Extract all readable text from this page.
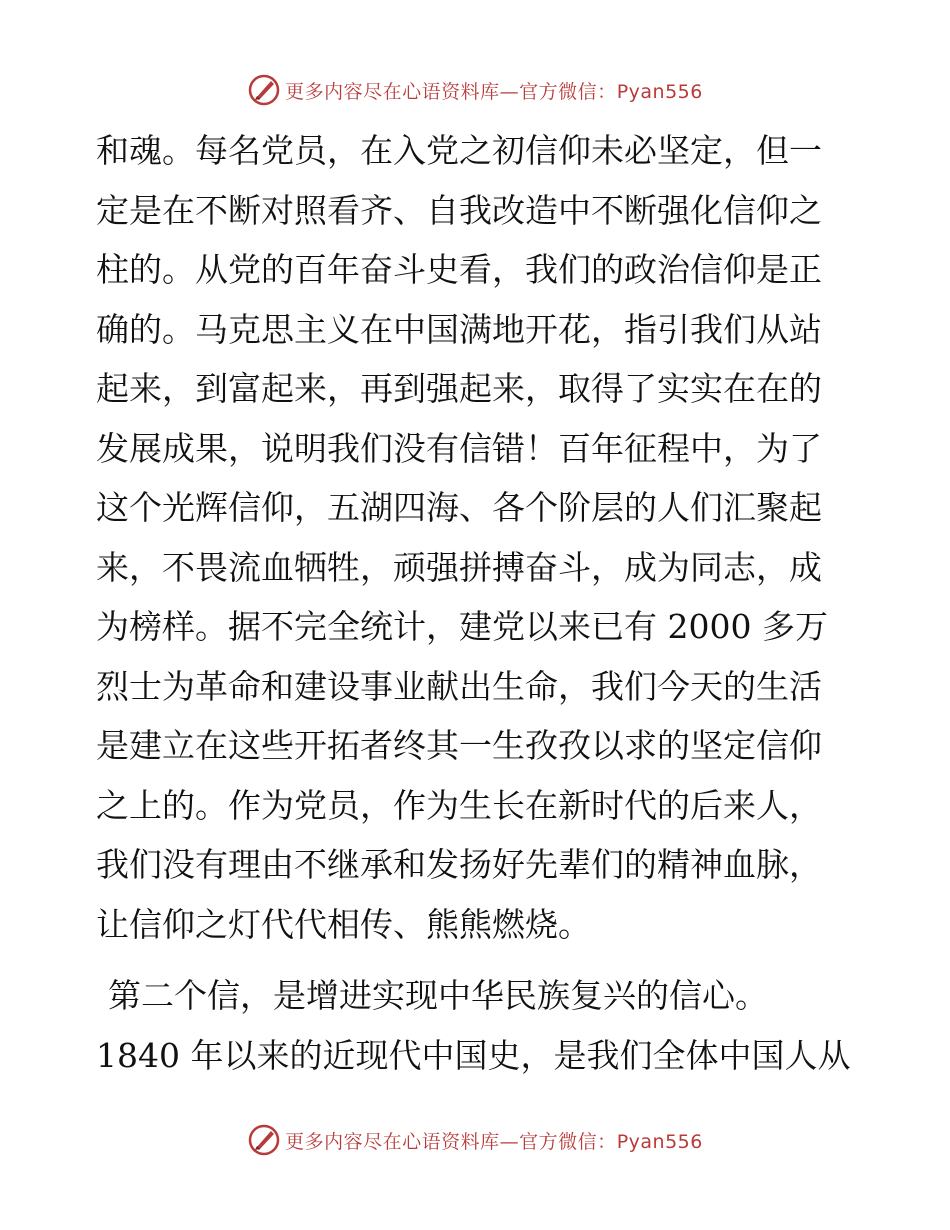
更多内容尽在心语资料库—官方微信：Pyan556
和魂。每名党员，在入党之初信仰未必坚定，但一
定是在不断对照看齐、自我改造中不断强化信仰之
柱的。从党的百年奋斗史看，我们的政治信仰是正
确的。马克思主义在中国满地开花，指引我们从站
起来，到富起来，再到强起来，取得了实实在在的
发展成果，说明我们没有信错！百年征程中，为了
这个光辉信仰，五湖四海、各个阶层的人们汇聚起
来，不畏流血牺牲，顽强拼搏奋斗，成为同志，成
为榜样。据不完全统计，建党以来已有 2000 多万
烈士为革命和建设事业献出生命，我们今天的生活
是建立在这些开拓者终其一生孜孜以求的坚定信仰
之上的。作为党员，作为生长在新时代的后来人，
我们没有理由不继承和发扬好先辈们的精神血脉，
让信仰之灯代代相传、熊熊燃烧。
第二个信，是增进实现中华民族复兴的信心。
1840 年以来的近现代中国史，是我们全体中国人从
更多内容尽在心语资料库—官方微信：Pyan556
